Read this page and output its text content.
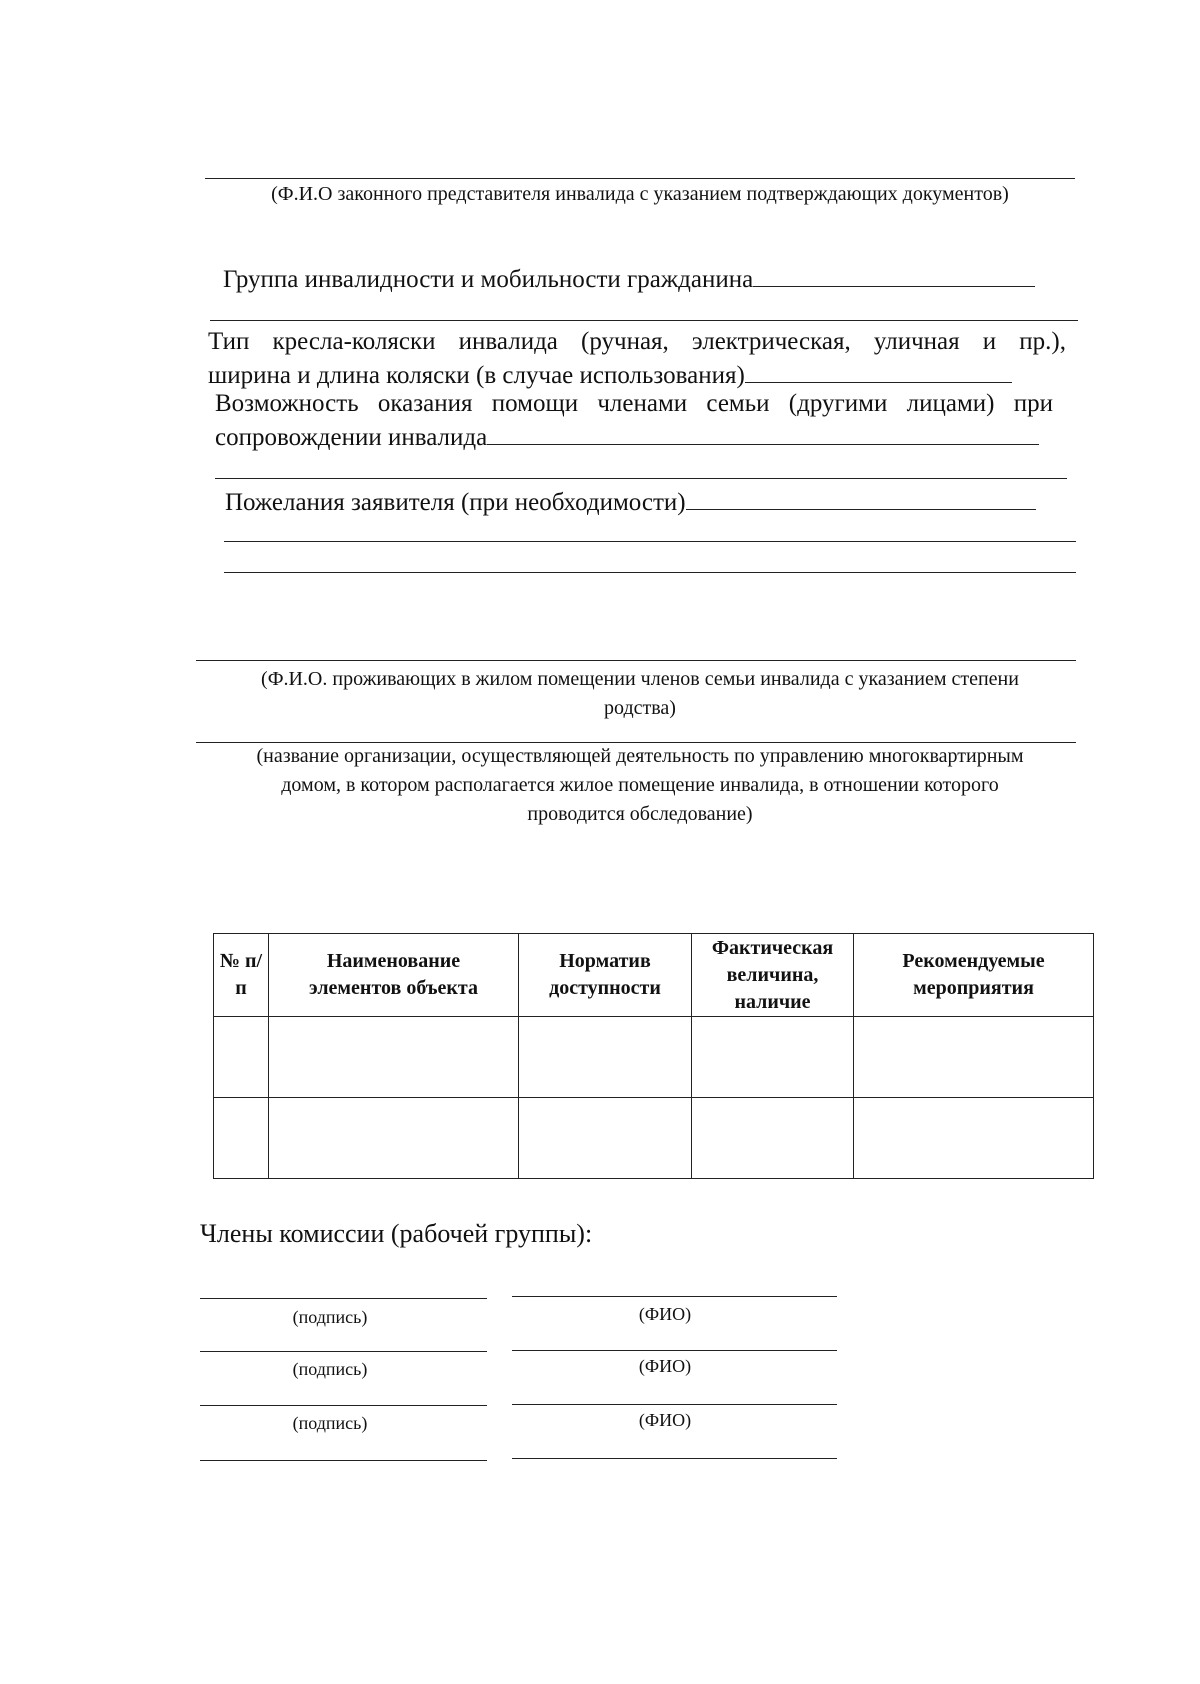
(Ф.И.О законного представителя инвалида с указанием подтверждающих документов)
Группа инвалидности и мобильности гражданина
Тип кресла-коляски инвалида (ручная, электрическая, уличная и пр.),
ширина и длина коляски (в случае использования)
Возможность оказания помощи членами семьи (другими лицами) при
сопровождении инвалида
Пожелания заявителя (при необходимости)
(Ф.И.О. проживающих в жилом помещении членов семьи инвалида с указанием степени
родства)
(название организации, осуществляющей деятельность по управлению многоквартирным
домом, в котором располагается жилое помещение инвалида, в отношении которого
проводится обследование)
№ п/п	Наименование элементов объекта	Норматив доступности	Фактическая величина, наличие	Рекомендуемые мероприятия

Члены комиссии (рабочей группы):
(подпись)	(ФИО)
(подпись)	(ФИО)
(подпись)	(ФИО)
